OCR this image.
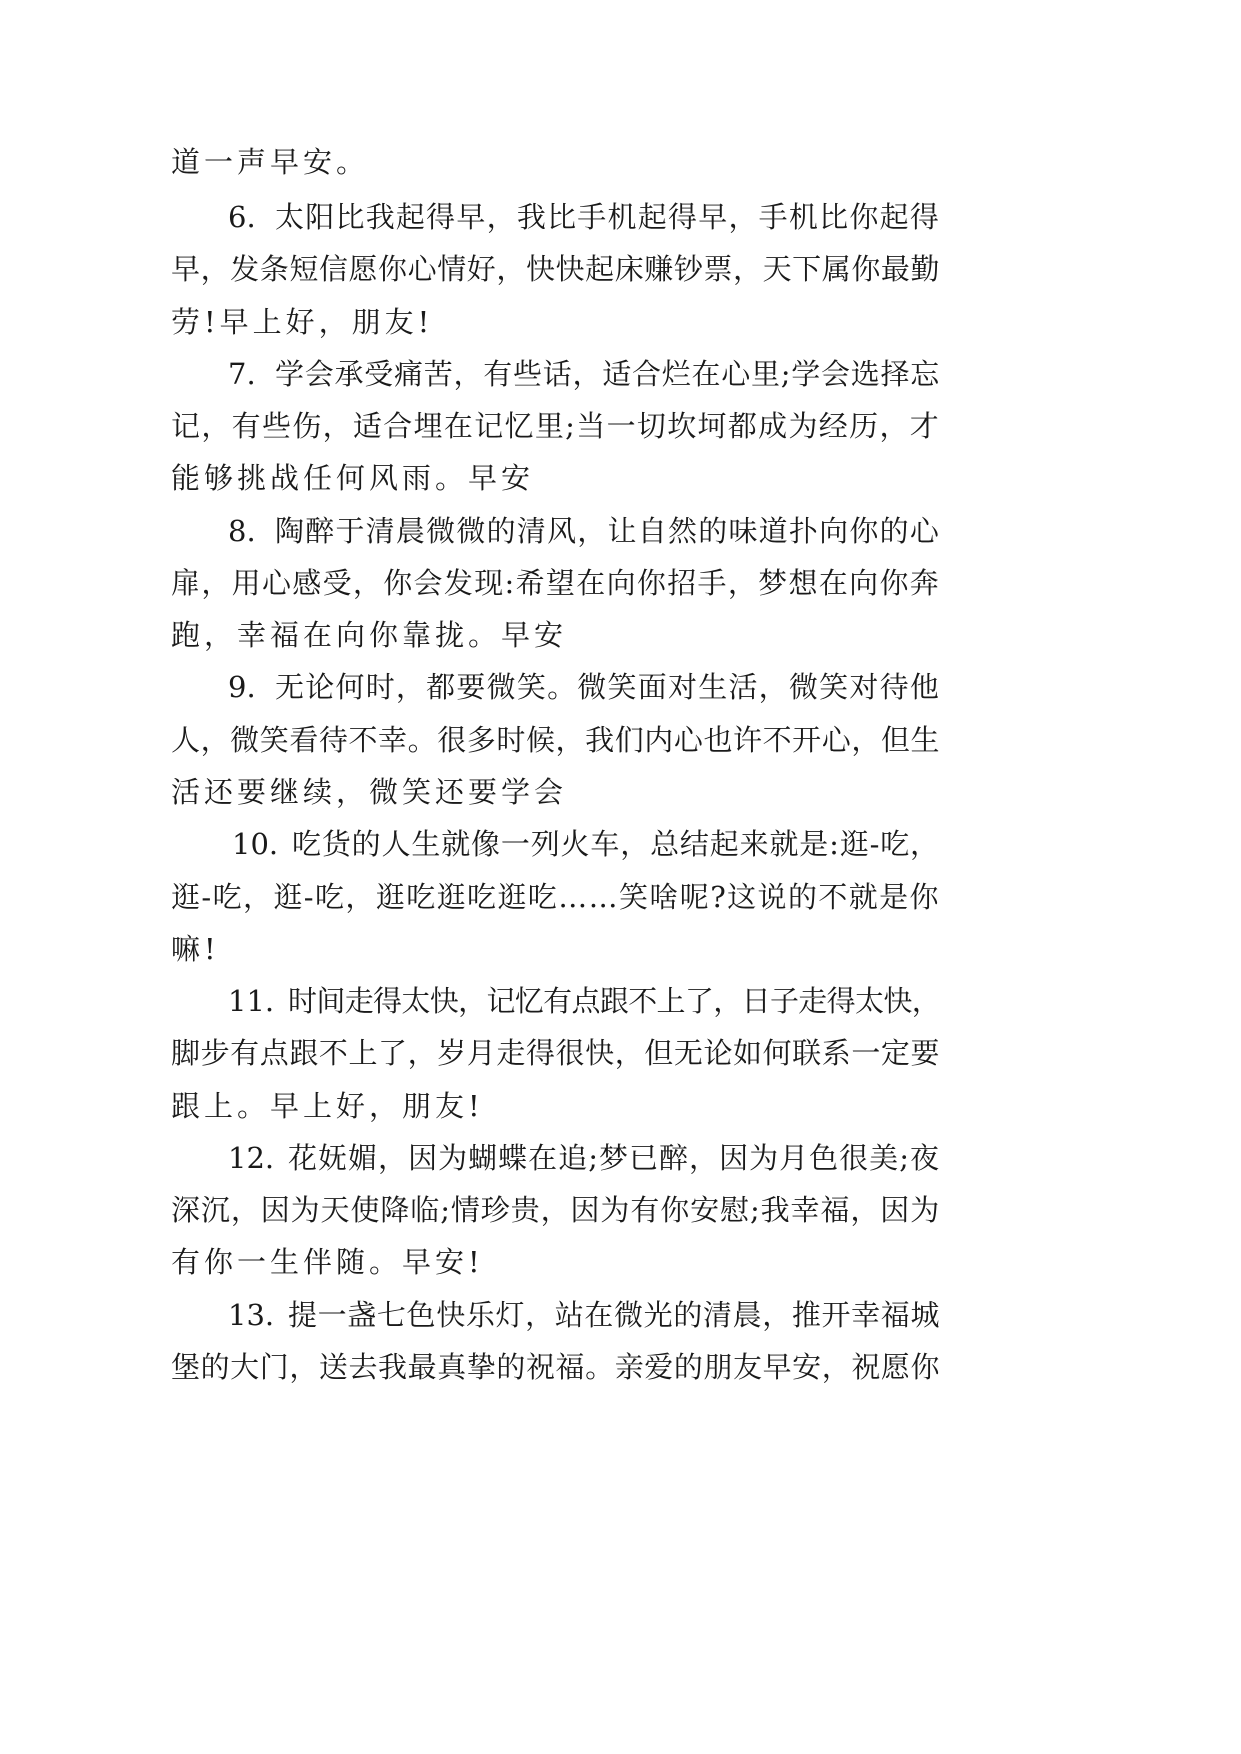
道一声早安。
6. 太阳比我起得早，我比手机起得早，手机比你起得
早，发条短信愿你心情好，快快起床赚钞票，天下属你最勤
劳!早上好，朋友!
7. 学会承受痛苦，有些话，适合烂在心里;学会选择忘
记，有些伤，适合埋在记忆里;当一切坎坷都成为经历，才
能够挑战任何风雨。早安
8. 陶醉于清晨微微的清风，让自然的味道扑向你的心
扉，用心感受，你会发现:希望在向你招手，梦想在向你奔
跑，幸福在向你靠拢。早安
9. 无论何时，都要微笑。微笑面对生活，微笑对待他
人，微笑看待不幸。很多时候，我们内心也许不开心，但生
活还要继续，微笑还要学会
10. 吃货的人生就像一列火车，总结起来就是:逛-吃，
逛-吃，逛-吃，逛吃逛吃逛吃……笑啥呢?这说的不就是你
嘛!
11. 时间走得太快，记忆有点跟不上了，日子走得太快，
脚步有点跟不上了，岁月走得很快，但无论如何联系一定要
跟上。早上好，朋友!
12. 花妩媚，因为蝴蝶在追;梦已醉，因为月色很美;夜
深沉，因为天使降临;情珍贵，因为有你安慰;我幸福，因为
有你一生伴随。早安!
13. 提一盏七色快乐灯，站在微光的清晨，推开幸福城
堡的大门，送去我最真挚的祝福。亲爱的朋友早安，祝愿你
